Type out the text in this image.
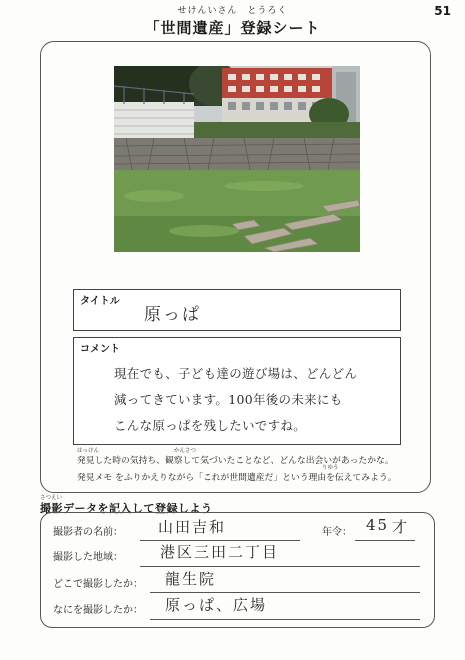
51
せけんいさん　とうろく
「世間遺産」登録シート
タイトル
原っぱ
コメント
現在でも、子ども達の遊び場は、どんどん
減ってきています。100年後の未来にも
こんな原っぱを残したいですね。
はっけん	かんさつ
発見した時の気持ち、観察して気づいたことなど、どんな出会いがあったかな。
りゆう
発見メモ をふりかえりながら「これが世間遺産だ」という理由を伝えてみよう。
さつえい
撮影データを記入して登録しよう
撮影者の名前： 山田吉和	年令： 45 才
撮影した地域： 港区三田二丁目
どこで撮影したか： 龍生院
なにを撮影したか： 原っぱ、広場
